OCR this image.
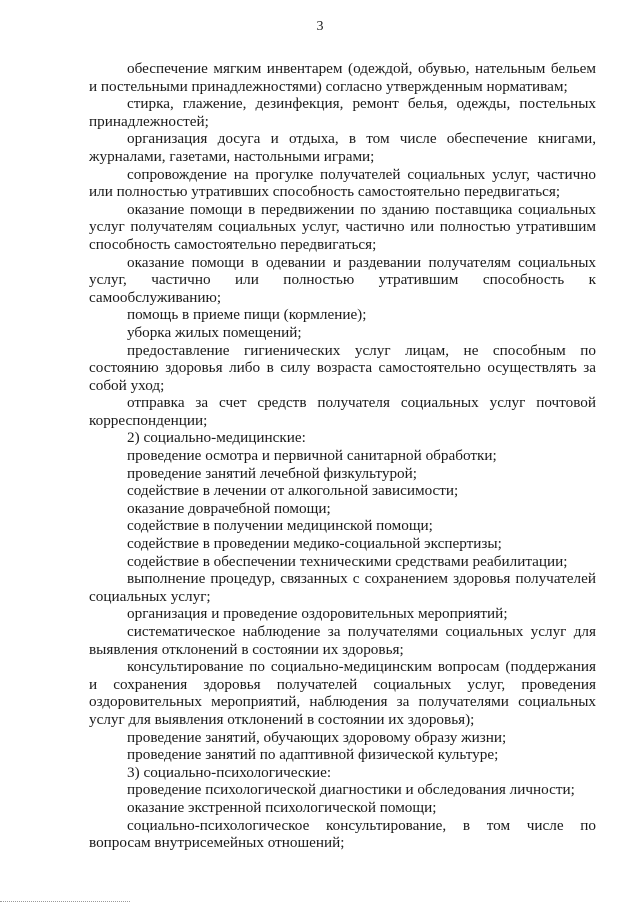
3

обеспечение мягким инвентарем (одеждой, обувью, нательным бельем и постельными принадлежностями) согласно утвержденным нормативам;

стирка, глажение, дезинфекция, ремонт белья, одежды, постельных принадлежностей;

организация досуга и отдыха, в том числе обеспечение книгами, журналами, газетами, настольными играми;

сопровождение на прогулке получателей социальных услуг, частично или полностью утративших способность самостоятельно передвигаться;

оказание помощи в передвижении по зданию поставщика социальных услуг получателям социальных услуг, частично или полностью утратившим способность самостоятельно передвигаться;

оказание помощи в одевании и раздевании получателям социальных услуг, частично или полностью утратившим способность к самообслуживанию;

помощь в приеме пищи (кормление);

уборка жилых помещений;

предоставление гигиенических услуг лицам, не способным по состоянию здоровья либо в силу возраста самостоятельно осуществлять за собой уход;

отправка за счет средств получателя социальных услуг почтовой корреспонденции;

2) социально-медицинские:

проведение осмотра и первичной санитарной обработки;

проведение занятий лечебной физкультурой;

содействие в лечении от алкогольной зависимости;

оказание доврачебной помощи;

содействие в получении медицинской помощи;

содействие в проведении медико-социальной экспертизы;

содействие в обеспечении техническими средствами реабилитации;

выполнение процедур, связанных с сохранением здоровья получателей социальных услуг;

организация и проведение оздоровительных мероприятий;

систематическое наблюдение за получателями социальных услуг для выявления отклонений в состоянии их здоровья;

консультирование по социально-медицинским вопросам (поддержания и сохранения здоровья получателей социальных услуг, проведения оздоровительных мероприятий, наблюдения за получателями социальных услуг для выявления отклонений в состоянии их здоровья);

проведение занятий, обучающих здоровому образу жизни;

проведение занятий по адаптивной физической культуре;

3) социально-психологические:

проведение психологической диагностики и обследования личности;

оказание экстренной психологической помощи;

социально-психологическое консультирование, в том числе по вопросам внутрисемейных отношений;
